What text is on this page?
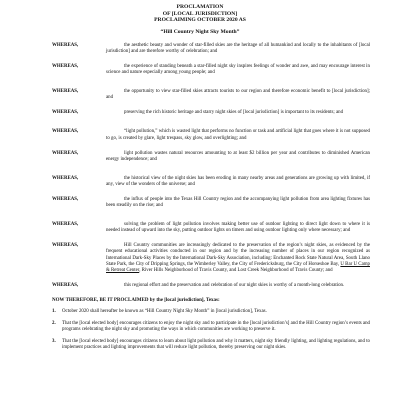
PROCLAMATION
OF [LOCAL JURISDICTION]
PROCLAIMING OCTOBER 2020 AS
“Hill Country Night Sky Month”
WHEREAS,	the aesthetic beauty and wonder of star-filled skies are the heritage of all humankind and locally to the inhabitants of [local jurisdiction] and are therefore worthy of celebration; and
WHEREAS,	the experience of standing beneath a star-filled night sky inspires feelings of wonder and awe, and may encourage interest in science and nature especially among young people; and
WHEREAS,	the opportunity to view star-filled skies attracts tourists to our region and therefore economic benefit to [local jurisdiction]; and
WHEREAS,	preserving the rich historic heritage and starry night skies of [local jurisdiction] is important to its residents; and
WHEREAS,	“light pollution,” which is wasted light that performs no function or task and artificial light that goes where it is not supposed to go, is created by glare, light trespass, sky glow, and overlighting; and
WHEREAS,	light pollution wastes natural resources amounting to at least $2 billion per year and contributes to diminished American energy independence; and
WHEREAS,	the historical view of the night skies has been eroding in many nearby areas and generations are growing up with limited, if any, view of the wonders of the universe; and
WHEREAS,	the influx of people into the Texas Hill Country region and the accompanying light pollution from area lighting fixtures has been steadily on the rise; and
WHEREAS,	solving the problem of light pollution involves making better use of outdoor lighting to direct light down to where it is needed instead of upward into the sky, putting outdoor lights on timers and using outdoor lighting only where necessary; and
WHEREAS,	Hill Country communities are increasingly dedicated to the preservation of the region’s night skies, as evidenced by the frequent educational activities conducted in our region and by the increasing number of places in our region recognized as International Dark-Sky Places by the International Dark-Sky Association, including: Enchanted Rock State Natural Area, South Llano State Park, the City of Dripping Springs, the Wimberley Valley, the City of Fredericksburg, the City of Horseshoe Bay, U Bar U Camp & Retreat Center, River Hills Neighborhood of Travis County, and Lost Creek Neighborhood of Travis County; and
WHEREAS,	this regional effort and the preservation and celebration of our night skies is worthy of a month-long celebration.
NOW THEREFORE, BE IT PROCLAIMED by the [local jurisdiction], Texas:
1.	October 2020 shall hereafter be known as “Hill Country Night Sky Month” in [local jurisdiction], Texas.
2.	That the [local elected body] encourages citizens to enjoy the night sky and to participate in the [local jurisdiction’s] and the Hill Country region’s events and programs celebrating the night sky and promoting the ways in which communities are working to preserve it.
3.	That the [local elected body] encourages citizens to learn about light pollution and why it matters, night sky friendly lighting, and lighting regulations, and to implement practices and lighting improvements that will reduce light pollution, thereby preserving our night skies.
